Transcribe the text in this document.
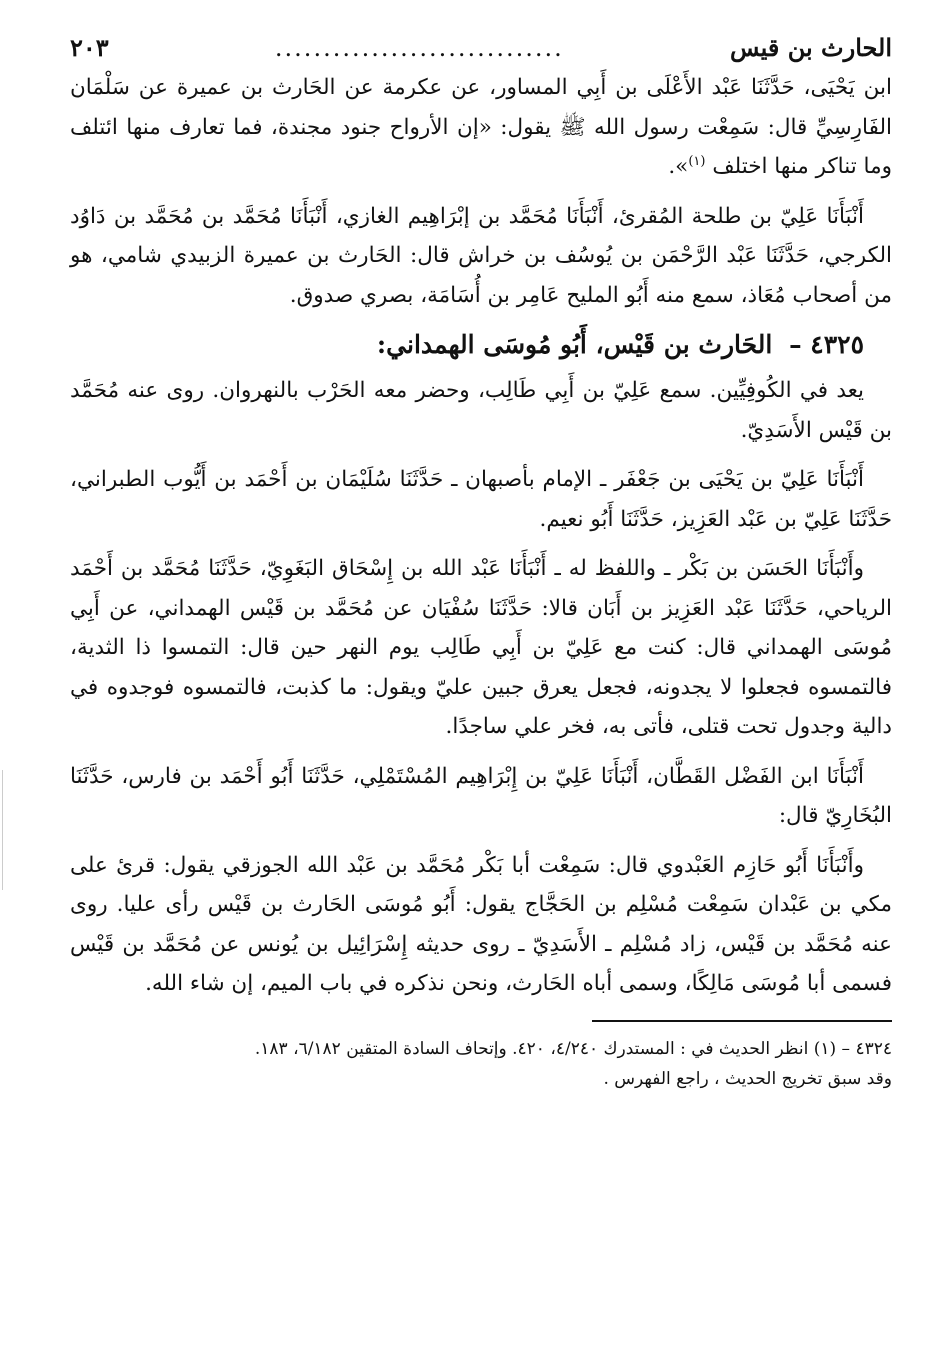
الحارث بن قيس
..............................
٢٠٣

ابن يَحْيَى، حَدَّثَنَا عَبْد الأَعْلَى بن أَبِي المساور، عن عكرمة عن الحَارث بن عميرة عن سَلْمَان الفَارِسِيِّ قال: سَمِعْت رسول الله ﷺ يقول: «إن الأرواح جنود مجندة، فما تعارف منها ائتلف وما تناكر منها اختلف $^{(١)}$».

أَنْبَأَنَا عَلِيّ بن طلحة المُقرئ، أَنْبَأَنَا مُحَمَّد بن إبْرَاهِيم الغازي، أَنْبَأَنَا مُحَمَّد بن مُحَمَّد بن دَاوُد الكرجي، حَدَّثَنَا عَبْد الرَّحْمَن بن يُوسُف بن خراش قال: الحَارث بن عميرة الزبيدي شامي، هو من أصحاب مُعَاذ، سمع منه أَبُو المليح عَامِر بن أُسَامَة، بصري صدوق.

٤٣٢٥ – الحَارث بن قَيْس، أَبُو مُوسَى الهمداني:

يعد في الكُوفِيِّين. سمع عَلِيّ بن أَبِي طَالِب، وحضر معه الحَرْب بالنهروان. روى عنه مُحَمَّد بن قَيْس الأَسَدِيّ.

أَنْبَأَنَا عَلِيّ بن يَحْيَى بن جَعْفَر ـ الإمام بأصبهان ـ حَدَّثَنَا سُلَيْمَان بن أَحْمَد بن أَيُّوب الطبراني، حَدَّثَنَا عَلِيّ بن عَبْد العَزِيز، حَدَّثَنَا أَبُو نعيم.

وأَنْبَأَنَا الحَسَن بن بَكْر ـ واللفظ له ـ أَنْبَأَنَا عَبْد الله بن إِسْحَاق البَغَوِيّ، حَدَّثَنَا مُحَمَّد بن أَحْمَد الرياحي، حَدَّثَنَا عَبْد العَزِيز بن أَبَان قالا: حَدَّثَنَا سُفْيَان عن مُحَمَّد بن قَيْس الهمداني، عن أَبِي مُوسَى الهمداني قال: كنت مع عَلِيّ بن أَبِي طَالِب يوم النهر حين قال: التمسوا ذا الثدية، فالتمسوه فجعلوا لا يجدونه، فجعل يعرق جبين عليّ ويقول: ما كذبت، فالتمسوه فوجدوه في دالية وجدول تحت قتلى، فأتى به، فخر علي ساجدًا.

أَنْبَأَنَا ابن الفَضْل القَطَّان، أَنْبَأَنَا عَلِيّ بن إِبْرَاهِيم المُسْتَمْلِي، حَدَّثَنَا أَبُو أَحْمَد بن فارس، حَدَّثَنَا البُخَارِيّ قال:

وأَنْبَأَنَا أَبُو حَازِم العَبْدوي قال: سَمِعْت أبا بَكْر مُحَمَّد بن عَبْد الله الجوزقي يقول: قرئ على مكي بن عَبْدان سَمِعْت مُسْلِم بن الحَجَّاج يقول: أَبُو مُوسَى الحَارث بن قَيْس رأى عليا. روى عنه مُحَمَّد بن قَيْس، زاد مُسْلِم ـ الأَسَدِيّ ـ روى حديثه إِسْرَائِيل بن يُونس عن مُحَمَّد بن قَيْس فسمى أبا مُوسَى مَالِكًا، وسمى أباه الحَارث، ونحن نذكره في باب الميم، إن شاء الله.

٤٣٢٤ – (١) انظر الحديث في : المستدرك ٤/٢٤٠، ٤٢٠. وإتحاف السادة المتقين ٦/١٨٢، ١٨٣.

وقد سبق تخريج الحديث ، راجع الفهرس .
